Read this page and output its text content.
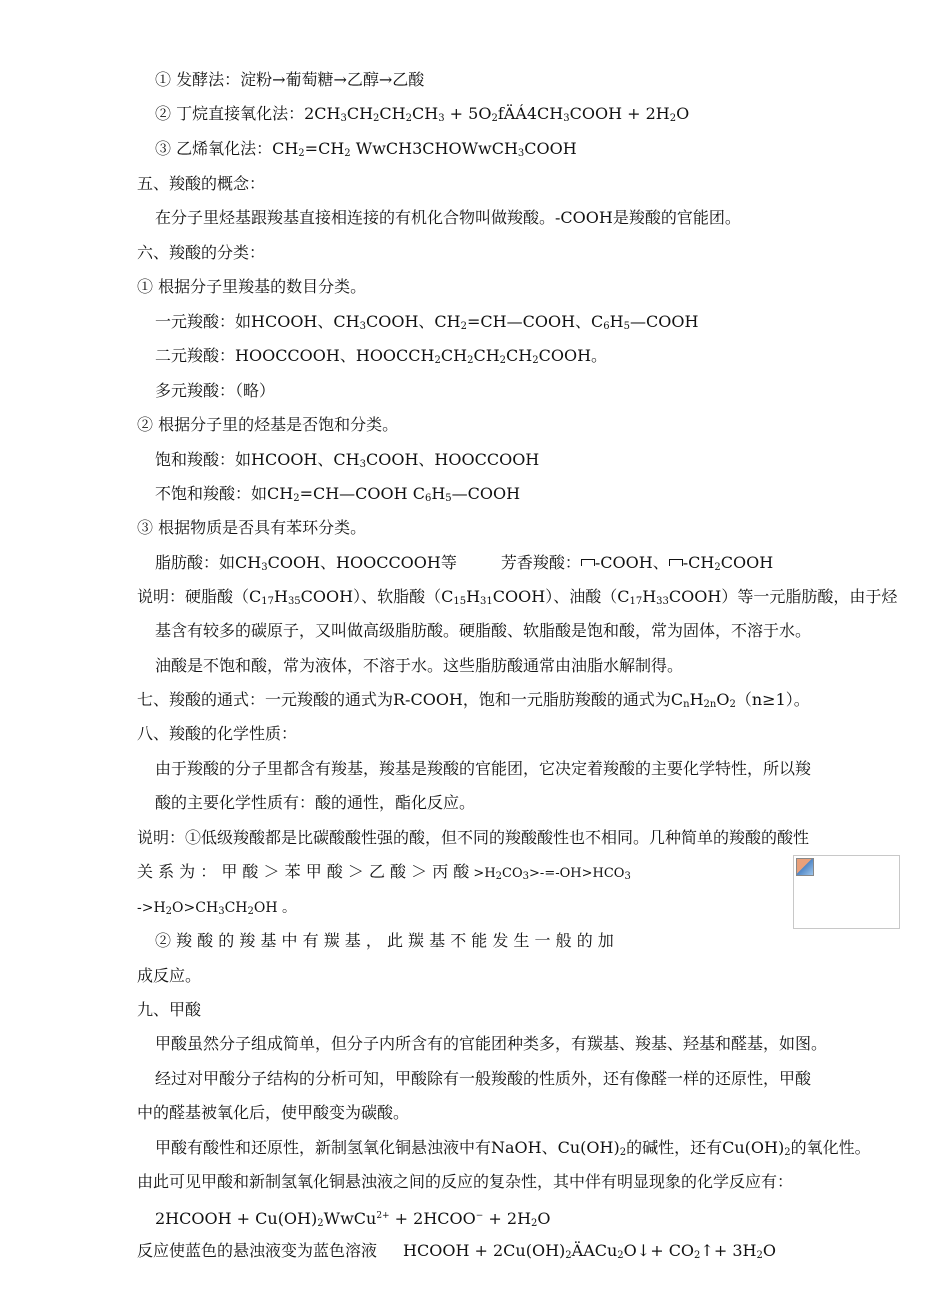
① 发酵法：淀粉→葡萄糖→乙醇→乙酸
② 丁烷直接氧化法：$2CH_3CH_2CH_2CH_3$ + $5O_2fÄÁ4CH_3COOH + 2H_2O$
③ 乙烯氧化法：$CH_2=CH_2$ WwCH3CHOWwCH$_3$COOH
五、羧酸的概念：
在分子里烃基跟羧基直接相连接的有机化合物叫做羧酸。-COOH是羧酸的官能团。
六、羧酸的分类：
① 根据分子里羧基的数目分类。
一元羧酸：如HCOOH、$CH_3COOH$、$CH_2=CH—COOH$、$C_6H_5—COOH$
二元羧酸：HOOCCOOH、$HOOCCH_2CH_2CH_2CH_2COOH$。
多元羧酸：（略）
② 根据分子里的烃基是否饱和分类。
饱和羧酸：如HCOOH、$CH_3COOH$、HOOCCOOH
不饱和羧酸：如$CH_2=CH—COOH$ $C_6H_5—COOH$
③ 根据物质是否具有苯环分类。
脂肪酸：如$CH_3COOH$、HOOCCOOH等	芳香羧酸： -COOH、 $-CH_2COOH$
说明：硬脂酸$(C_{17}H_{35}COOH)$、软脂酸$(C_{15}H_{31}COOH)$、油酸$(C_{17}H_{33}COOH)$等一元脂肪酸，由于烃
基含有较多的碳原子，又叫做高级脂肪酸。硬脂酸、软脂酸是饱和酸，常为固体，不溶于水。
油酸是不饱和酸，常为液体，不溶于水。这些脂肪酸通常由油脂水解制得。
七、羧酸的通式：一元羧酸的通式为R-COOH，饱和一元脂肪羧酸的通式为$C_nH_{2n}O_2(n\ge 1)$。
八、羧酸的化学性质：
由于羧酸的分子里都含有羧基，羧基是羧酸的官能团，它决定着羧酸的主要化学特性，所以羧
酸的主要化学性质有：酸的通性，酯化反应。
说明：①低级羧酸都是比碳酸酸性强的酸，但不同的羧酸酸性也不相同。几种简单的羧酸的酸性
关 系 为 ： 甲 酸 ＞ 苯 甲 酸 ＞ 乙 酸 ＞ 丙 酸 $>H_2CO_3>-=-OH>HCO_3$
$->H_2O>CH_3CH_2OH$ 。
② 羧 酸 的 羧 基 中 有 羰 基 ， 此 羰 基 不 能 发 生 一 般 的 加
成反应。
九、甲酸
甲酸虽然分子组成简单，但分子内所含有的官能团种类多，有羰基、羧基、羟基和醛基，如图。
经过对甲酸分子结构的分析可知，甲酸除有一般羧酸的性质外，还有像醛一样的还原性，甲酸
中的醛基被氧化后，使甲酸变为碳酸。
甲酸有酸性和还原性，新制氢氧化铜悬浊液中有NaOH、$Cu(OH)_2$的碱性，还有$Cu(OH)_2$的氧化性。
由此可见甲酸和新制氢氧化铜悬浊液之间的反应的复杂性，其中伴有明显现象的化学反应有：
2HCOOH + $Cu(OH)_2WwCu^{2+}$ + 2HCOO− + $2H_2O$
反应使蓝色的悬浊液变为蓝色溶液 HCOOH + $2Cu(OH)_2ÄACu_2O↓+$ $CO_2↑+ 3H_2O$
